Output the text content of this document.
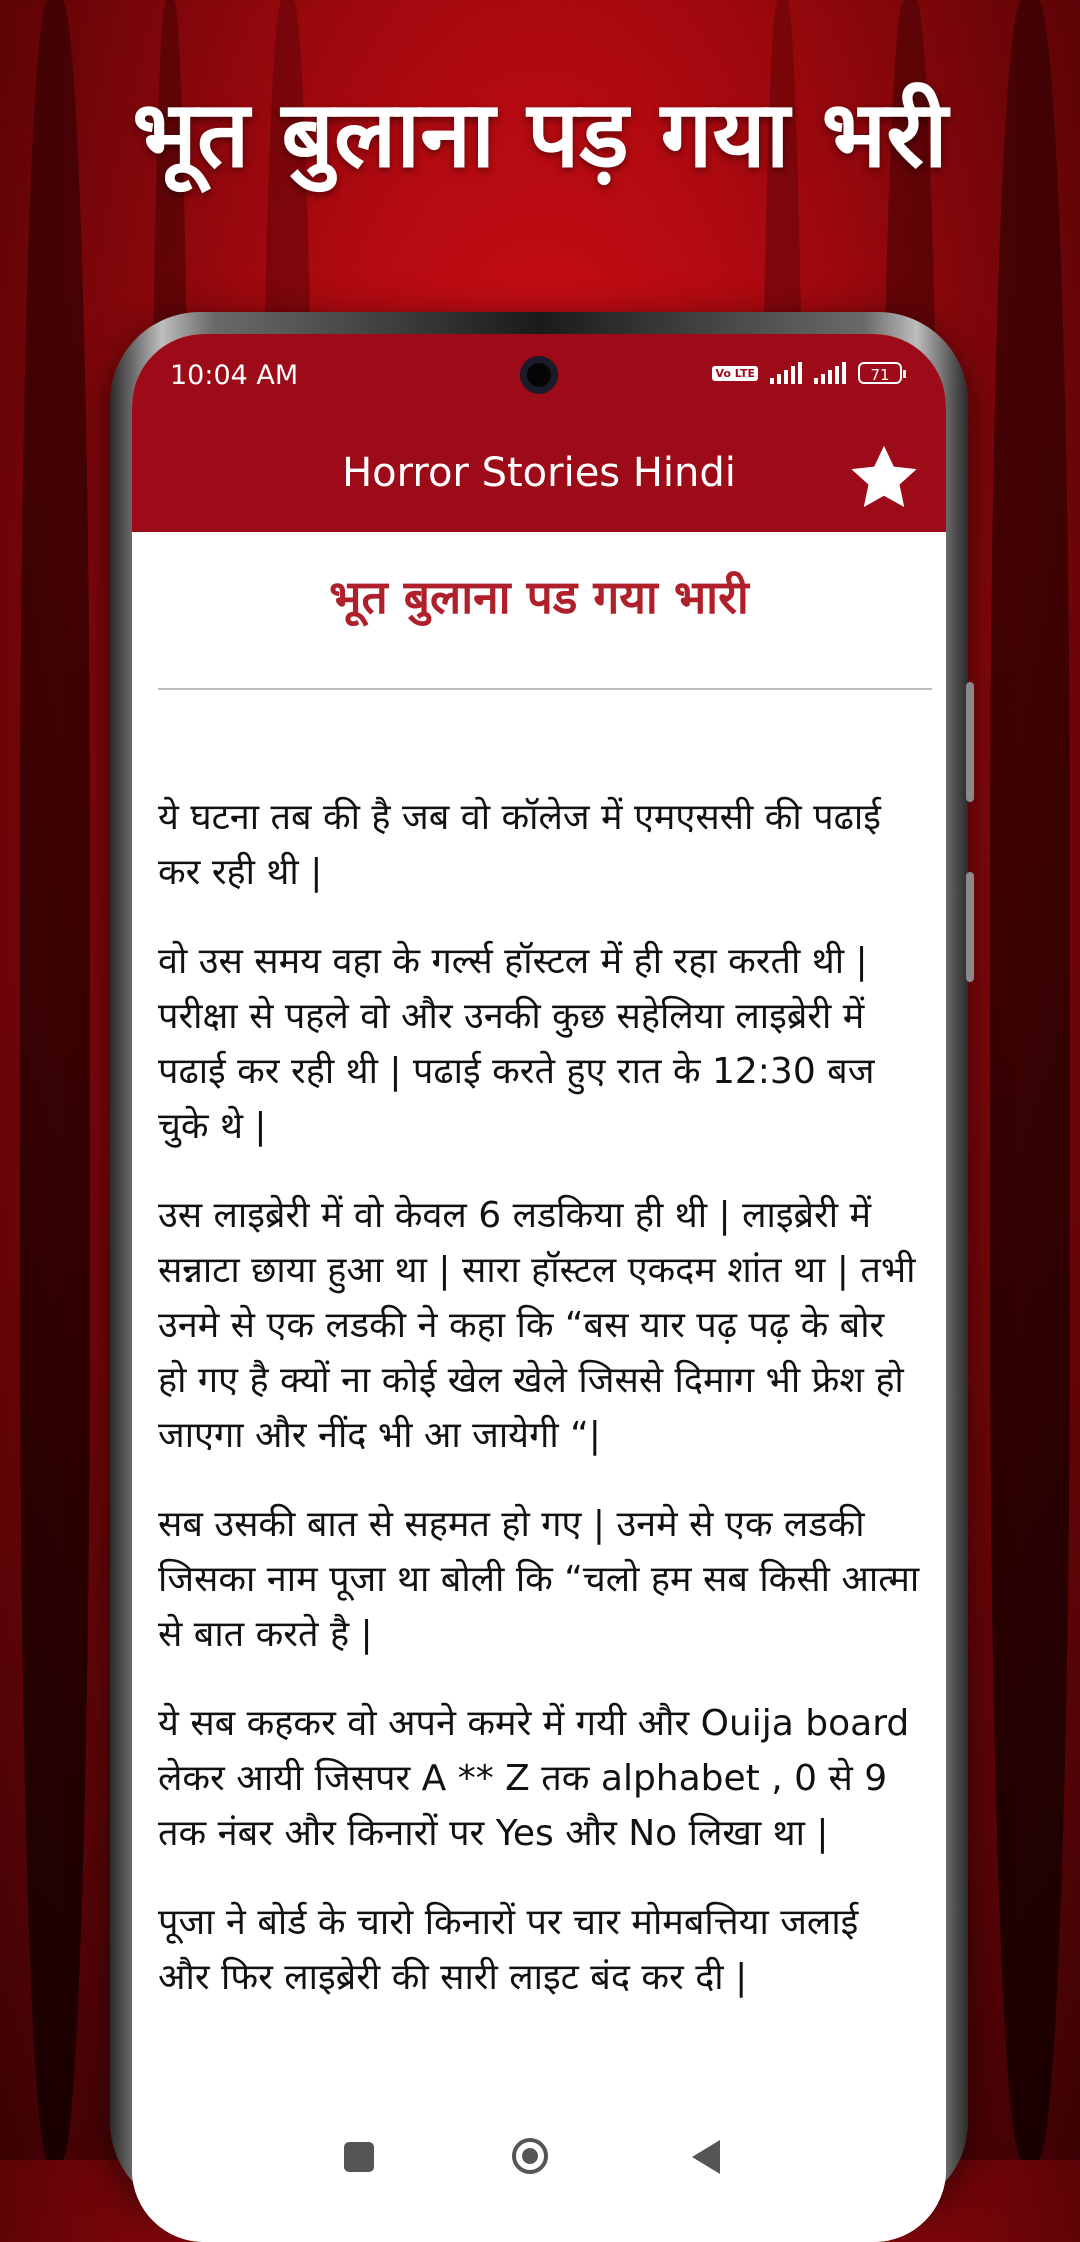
भूत बुलाना पड़ गया भरी
10:04 AM	Vo LTE	71
Horror Stories Hindi
भूत बुलाना पड गया भारी

ये घटना तब की है जब वो कॉलेज में एमएससी की पढाई कर रही थी |

वो उस समय वहा के गर्ल्स हॉस्टल में ही रहा करती थी | परीक्षा से पहले वो और उनकी कुछ सहेलिया लाइब्रेरी में पढाई कर रही थी | पढाई करते हुए रात के 12:30 बज चुके थे |

उस लाइब्रेरी में वो केवल 6 लडकिया ही थी | लाइब्रेरी में सन्नाटा छाया हुआ था | सारा हॉस्टल एकदम शांत था | तभी उनमे से एक लडकी ने कहा कि “बस यार पढ़ पढ़ के बोर हो गए है क्यों ना कोई खेल खेले जिससे दिमाग भी फ्रेश हो जाएगा और नींद भी आ जायेगी “|

सब उसकी बात से सहमत हो गए | उनमे से एक लडकी जिसका नाम पूजा था बोली कि “चलो हम सब किसी आत्मा से बात करते है |

ये सब कहकर वो अपने कमरे में गयी और Ouija board लेकर आयी जिसपर A ** Z तक alphabet , 0 से 9 तक नंबर और किनारों पर Yes और No लिखा था |

पूजा ने बोर्ड के चारो किनारों पर चार मोमबत्तिया जलाई और फिर लाइब्रेरी की सारी लाइट बंद कर दी |
